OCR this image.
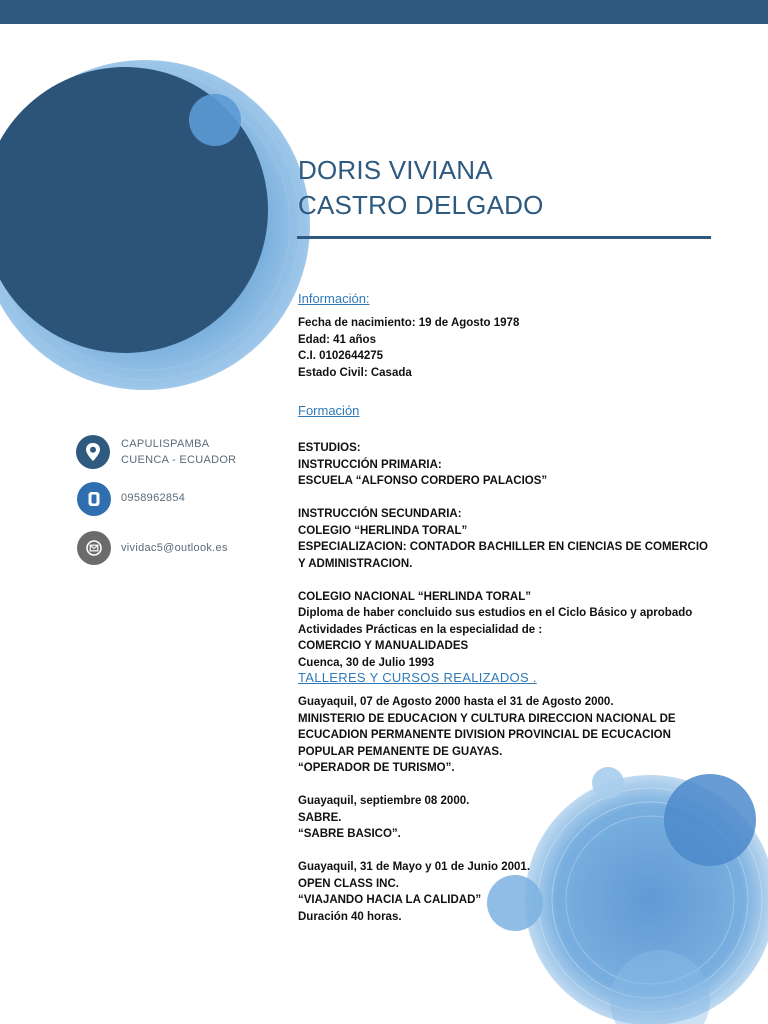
CAPULISPAMBA
CUENCA - ECUADOR
0958962854
vividac5@outlook.es
DORIS VIVIANA
CASTRO DELGADO
Información:
Fecha de nacimiento: 19 de Agosto 1978
Edad: 41 años
C.I. 0102644275
Estado Civil: Casada
Formación
ESTUDIOS:
INSTRUCCIÓN PRIMARIA:
ESCUELA “ALFONSO CORDERO PALACIOS”
INSTRUCCIÓN SECUNDARIA:
COLEGIO “HERLINDA TORAL”
ESPECIALIZACION: CONTADOR BACHILLER EN CIENCIAS DE COMERCIO
Y ADMINISTRACION.
COLEGIO NACIONAL “HERLINDA TORAL”
Diploma de haber concluido sus estudios en el Ciclo Básico y aprobado
Actividades Prácticas en la especialidad de :
COMERCIO Y MANUALIDADES
Cuenca, 30 de Julio 1993
TALLERES Y CURSOS REALIZADOS .
Guayaquil, 07 de Agosto 2000 hasta el 31 de Agosto 2000.
MINISTERIO DE EDUCACION Y CULTURA DIRECCION NACIONAL DE
ECUCADION PERMANENTE DIVISION PROVINCIAL DE ECUCACION
POPULAR PEMANENTE DE GUAYAS.
“OPERADOR DE TURISMO”.
Guayaquil, septiembre 08 2000.
SABRE.
“SABRE BASICO”.
Guayaquil, 31 de Mayo y 01 de Junio 2001.
OPEN CLASS INC.
“VIAJANDO HACIA LA CALIDAD”
Duración 40 horas.
